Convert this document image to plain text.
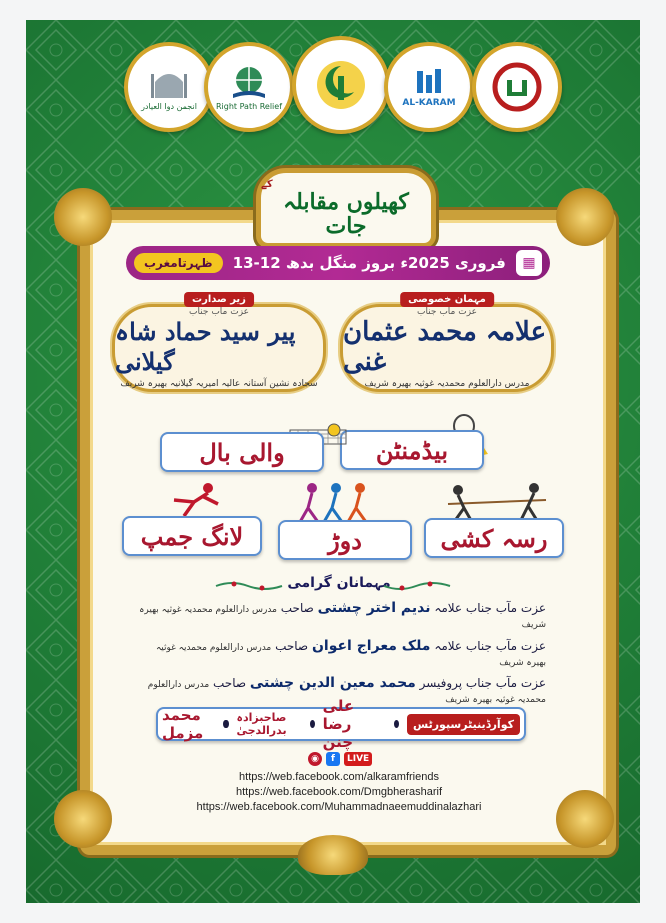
انجمن دوا العیادر Right Path Relief	AL-KARAM
کے
کھیلوں مقابلہ جات
ظہرتامغرب	13-12 فروری 2025ء بروز منگل بدھ	▦
عزت مآب جناب
علامہ محمد عثمان غنی
مدرس دارالعلوم محمدیہ غوثیہ بھیرہ شریف
مہمان خصوصی
عزت مآب جناب
پیر سید حماد شاہ گیلانی
سجادہ نشین آستانہ عالیہ امیریہ گیلانیہ بھیرہ شریف
زیر صدارت
بیڈمنٹن
والی بال
رسہ کشی
دوڑ
لانگ جمپ
مہمانان گرامی
عزت مآب جناب علامہ ندیم اختر چشتی صاحب مدرس دارالعلوم محمدیہ غوثیہ بھیرہ شریف
عزت مآب جناب علامہ ملک معراج اعوان صاحب مدرس دارالعلوم محمدیہ غوثیہ بھیرہ شریف
عزت مآب جناب پروفیسر محمد معین الدین چشتی صاحب مدرس دارالعلوم محمدیہ غوثیہ بھیرہ شریف
محمد مزمل
صاحبزادہ بدرالدجیٰ
علی رضا چنن
کوآرڈینیٹرسپورٹس
◉	f	LIVE
https://web.facebook.com/alkaramfriends
https://web.facebook.com/Dmgbherasharif
https://web.facebook.com/Muhammadnaeemuddinalazhari
